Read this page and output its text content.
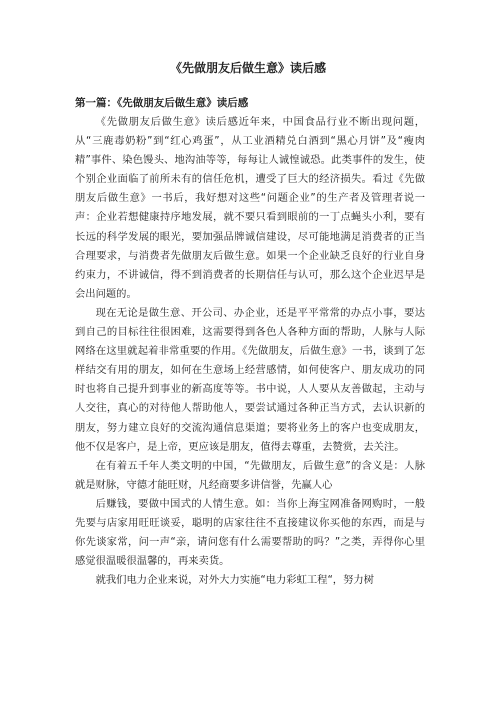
《先做朋友后做生意》读后感
第一篇：《先做朋友后做生意》读后感

《先做朋友后做生意》读后感近年来，中国食品行业不断出现问题，从“三鹿毒奶粉”到“红心鸡蛋”，从工业酒精兑白酒到“黑心月饼”及“瘦肉精”事件、染色馒头、地沟油等等，每每让人诚惶诚恐。此类事件的发生，使个别企业面临了前所未有的信任危机，遭受了巨大的经济损失。看过《先做朋友后做生意》一书后，我好想对这些“问题企业”的生产者及管理者说一声：企业若想健康持序地发展，就不要只看到眼前的一丁点蝇头小利，要有长远的科学发展的眼光，要加强品牌诚信建设，尽可能地满足消费者的正当合理要求，与消费者先做朋友后做生意。如果一个企业缺乏良好的行业自身约束力，不讲诚信，得不到消费者的长期信任与认可，那么这个企业迟早是会出问题的。

现在无论是做生意、开公司、办企业，还是平平常常的办点小事，要达到自己的目标往往很困难，这需要得到各色人各种方面的帮助，人脉与人际网络在这里就起着非常重要的作用。《先做朋友，后做生意》一书，谈到了怎样结交有用的朋友，如何在生意场上经营感情，如何使客户、朋友成功的同时也将自己提升到事业的新高度等等。书中说，人人要从友善做起，主动与人交往，真心的对待他人帮助他人，要尝试通过各种正当方式，去认识新的朋友，努力建立良好的交流沟通信息渠道；要将业务上的客户也变成朋友，他不仅是客户，是上帝，更应该是朋友，值得去尊重，去赞赏，去关注。

在有着五千年人类文明的中国，“先做朋友，后做生意”的含义是：人脉就是财脉，守德才能旺财，凡经商要多讲信誉，先赢人心

后赚钱，要做中国式的人情生意。如：当你上海宝网准备网购时，一般先要与店家用旺旺谈妥，聪明的店家往往不直接建议你买他的东西，而是与你先谈家常，问一声“亲，请问您有什么需要帮助的吗？”之类，弄得你心里感觉很温暖很温馨的，再来卖货。

就我们电力企业来说，对外大力实施“电力彩虹工程“，努力树
